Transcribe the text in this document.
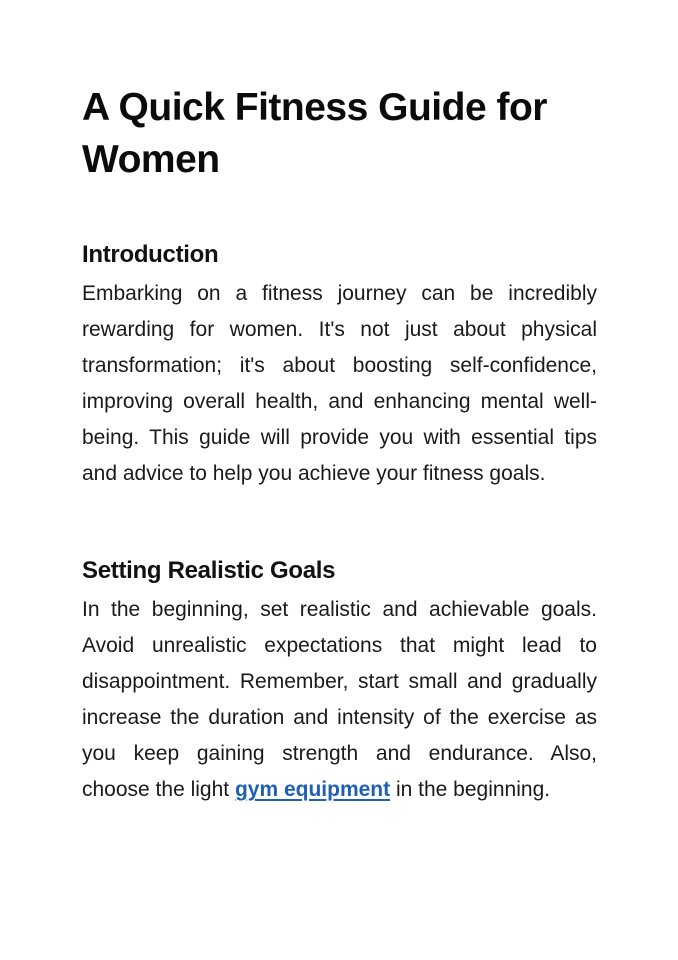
A Quick Fitness Guide for Women
Introduction

Embarking on a fitness journey can be incredibly rewarding for women. It's not just about physical transformation; it's about boosting self-confidence, improving overall health, and enhancing mental well-being. This guide will provide you with essential tips and advice to help you achieve your fitness goals.

Setting Realistic Goals

In the beginning, set realistic and achievable goals. Avoid unrealistic expectations that might lead to disappointment. Remember, start small and gradually increase the duration and intensity of the exercise as you keep gaining strength and endurance. Also, choose the light gym equipment in the beginning.
